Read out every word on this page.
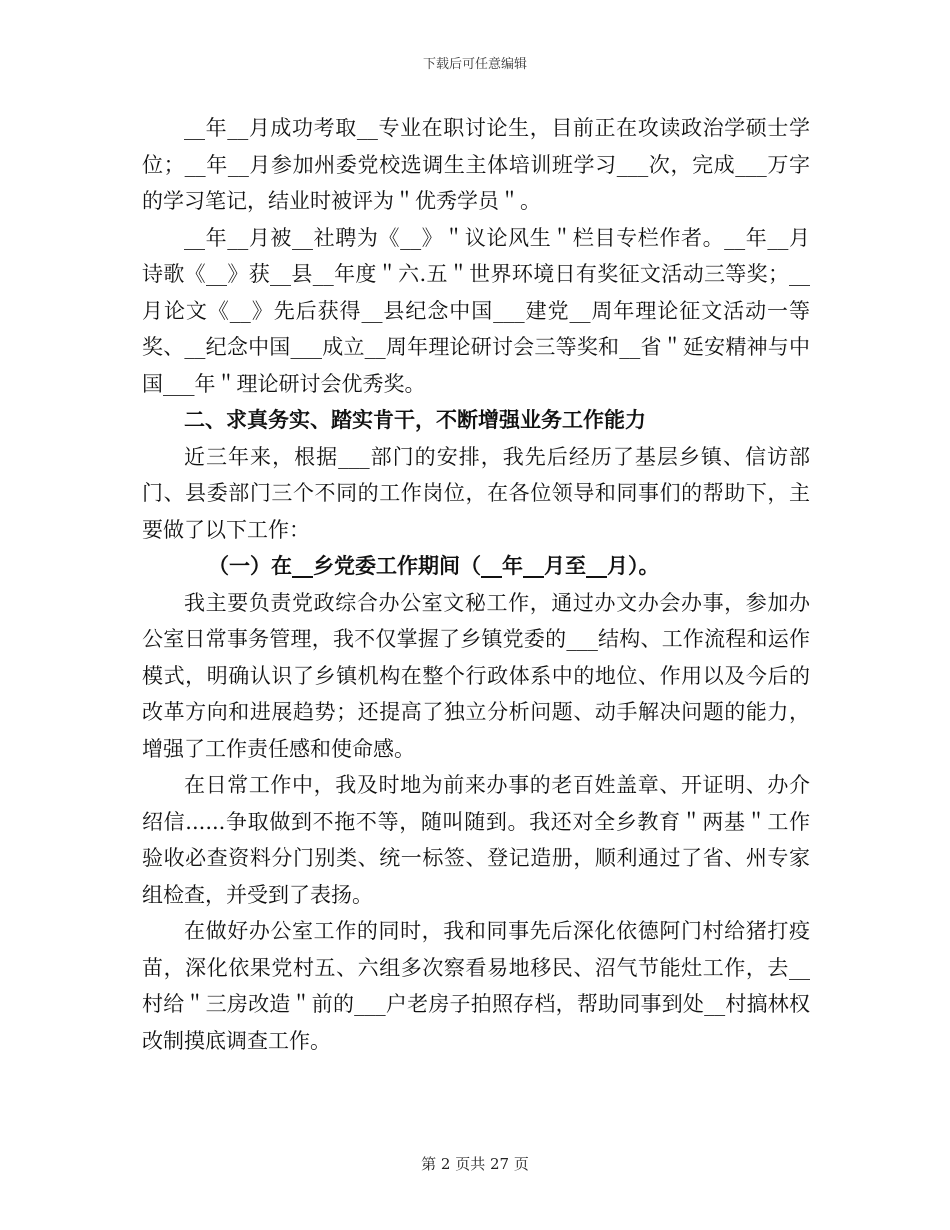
下载后可任意编辑

__年__月成功考取__专业在职讨论生，目前正在攻读政治学硕士学位；__年__月参加州委党校选调生主体培训班学习___次，完成___万字的学习笔记，结业时被评为＂优秀学员＂。

__年__月被__社聘为《__》＂议论风生＂栏目专栏作者。__年__月诗歌《__》获__县__年度＂六.五＂世界环境日有奖征文活动三等奖；__月论文《__》先后获得__县纪念中国___建党__周年理论征文活动一等奖、__纪念中国___成立__周年理论研讨会三等奖和__省＂延安精神与中国___年＂理论研讨会优秀奖。

二、求真务实、踏实肯干，不断增强业务工作能力

近三年来，根据___部门的安排，我先后经历了基层乡镇、信访部门、县委部门三个不同的工作岗位，在各位领导和同事们的帮助下，主要做了以下工作：

（一）在__乡党委工作期间（__年__月至__月）。

我主要负责党政综合办公室文秘工作，通过办文办会办事，参加办公室日常事务管理，我不仅掌握了乡镇党委的___结构、工作流程和运作模式，明确认识了乡镇机构在整个行政体系中的地位、作用以及今后的改革方向和进展趋势；还提高了独立分析问题、动手解决问题的能力，增强了工作责任感和使命感。

在日常工作中，我及时地为前来办事的老百姓盖章、开证明、办介绍信......争取做到不拖不等，随叫随到。我还对全乡教育＂两基＂工作验收必查资料分门别类、统一标签、登记造册，顺利通过了省、州专家组检查，并受到了表扬。

在做好办公室工作的同时，我和同事先后深化依德阿门村给猪打疫苗，深化依果党村五、六组多次察看易地移民、沼气节能灶工作，去__村给＂三房改造＂前的___户老房子拍照存档，帮助同事到处__村搞林权改制摸底调查工作。

第 2 页共 27 页
